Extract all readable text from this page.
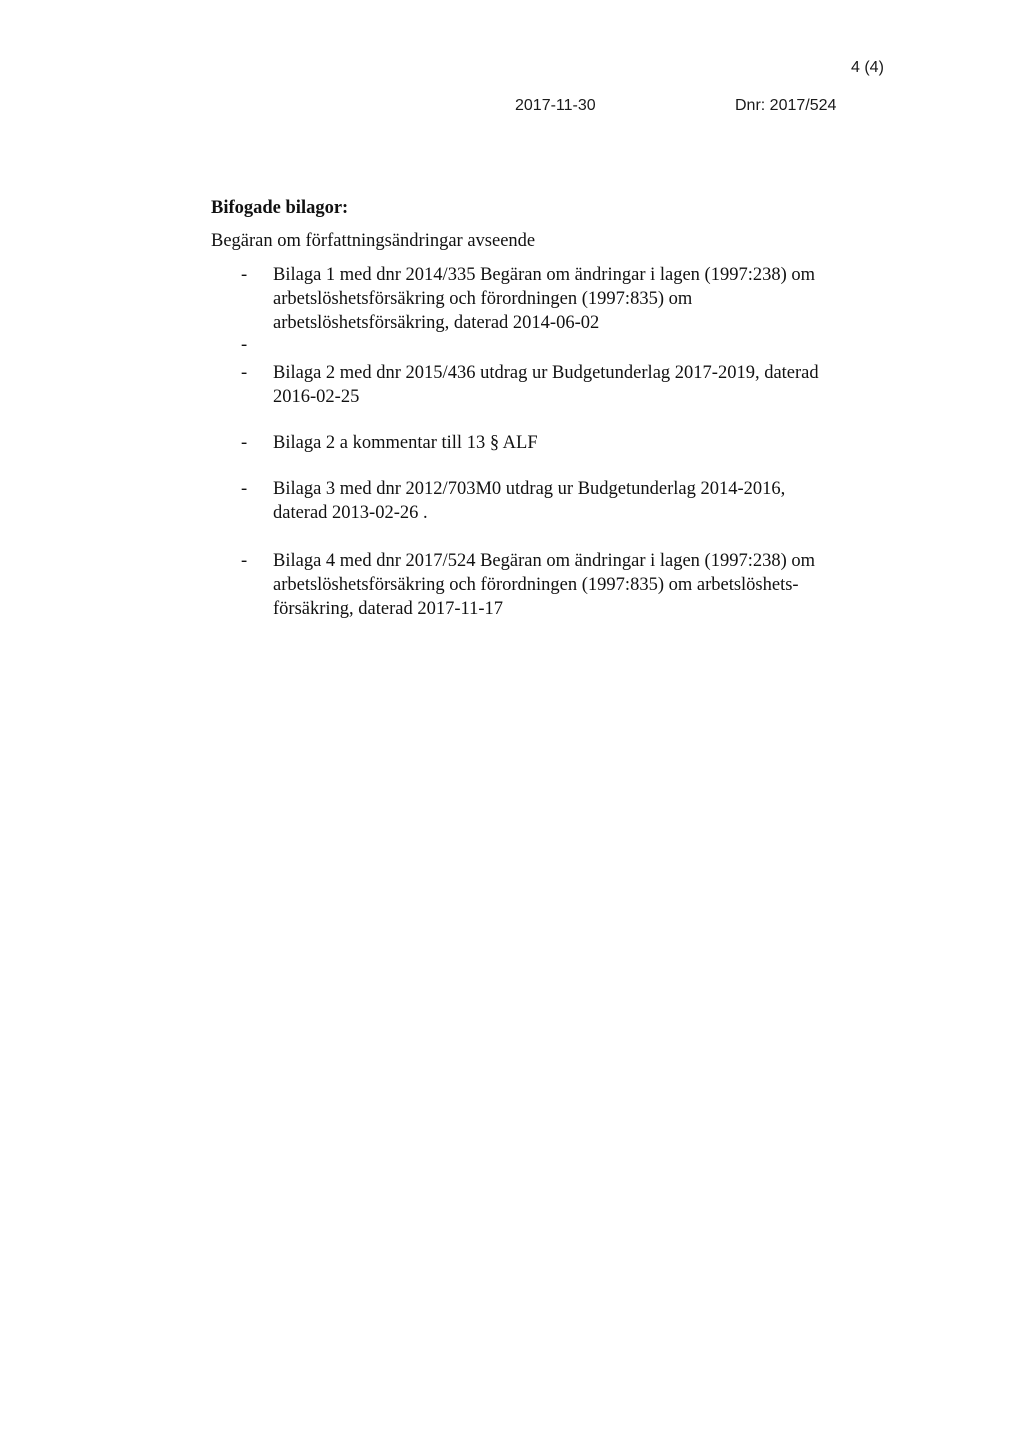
4 (4)
2017-11-30	Dnr: 2017/524
Bifogade bilagor:
Begäran om författningsändringar avseende
- Bilaga 1 med dnr 2014/335 Begäran om ändringar i lagen (1997:238) om
arbetslöshetsförsäkring och förordningen (1997:835) om
arbetslöshetsförsäkring, daterad 2014-06-02
-
- Bilaga 2 med dnr 2015/436 utdrag ur Budgetunderlag 2017-2019, daterad
2016-02-25
- Bilaga 2 a kommentar till 13 § ALF
- Bilaga 3 med dnr 2012/703M0 utdrag ur Budgetunderlag 2014-2016,
daterad 2013-02-26 .
- Bilaga 4 med dnr 2017/524 Begäran om ändringar i lagen (1997:238) om
arbetslöshetsförsäkring och förordningen (1997:835) om arbetslöshets-
försäkring, daterad 2017-11-17
